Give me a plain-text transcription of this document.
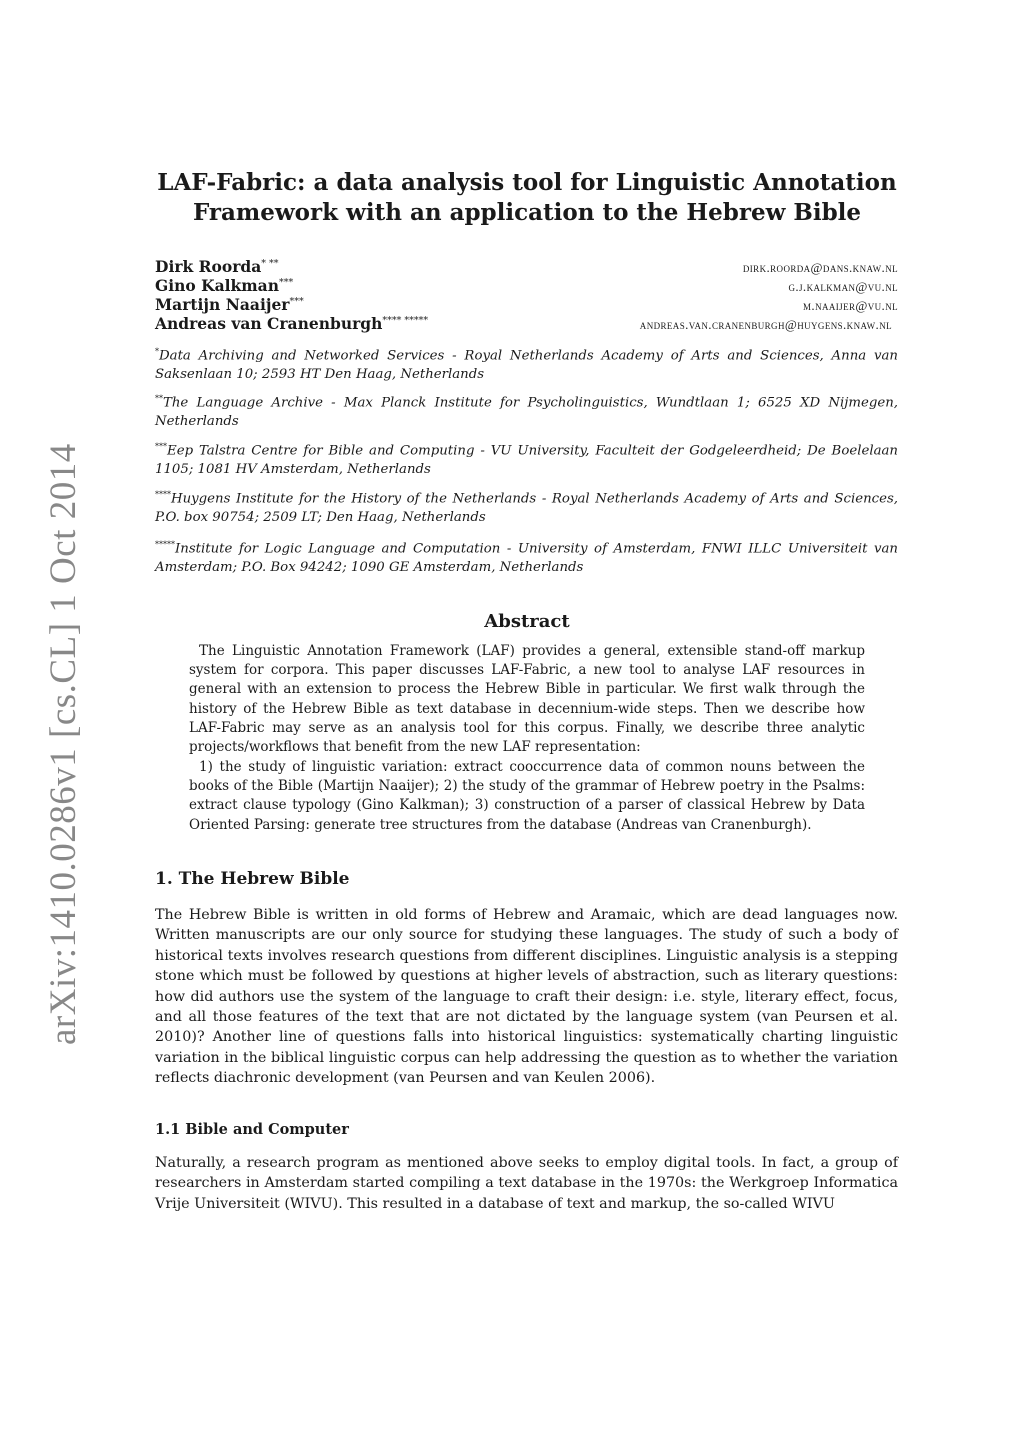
arXiv:1410.0286v1 [cs.CL] 1 Oct 2014
LAF-Fabric: a data analysis tool for Linguistic Annotation Framework with an application to the Hebrew Bible
Dirk Roorda* **	dirk.roorda@dans.knaw.nl
Gino Kalkman***	g.j.kalkman@vu.nl
Martijn Naaijer***	m.naaijer@vu.nl
Andreas van Cranenburgh**** *****	andreas.van.cranenburgh@huygens.knaw.nl
*Data Archiving and Networked Services - Royal Netherlands Academy of Arts and Sciences, Anna van Saksenlaan 10; 2593 HT Den Haag, Netherlands
**The Language Archive - Max Planck Institute for Psycholinguistics, Wundtlaan 1; 6525 XD Nijmegen, Netherlands
***Eep Talstra Centre for Bible and Computing - VU University, Faculteit der Godgeleerdheid; De Boelelaan 1105; 1081 HV Amsterdam, Netherlands
****Huygens Institute for the History of the Netherlands - Royal Netherlands Academy of Arts and Sciences, P.O. box 90754; 2509 LT; Den Haag, Netherlands
*****Institute for Logic Language and Computation - University of Amsterdam, FNWI ILLC Universiteit van Amsterdam; P.O. Box 94242; 1090 GE Amsterdam, Netherlands
Abstract

The Linguistic Annotation Framework (LAF) provides a general, extensible stand-off markup system for corpora. This paper discusses LAF-Fabric, a new tool to analyse LAF resources in general with an extension to process the Hebrew Bible in particular. We first walk through the history of the Hebrew Bible as text database in decennium-wide steps. Then we describe how LAF-Fabric may serve as an analysis tool for this corpus. Finally, we describe three analytic projects/workflows that benefit from the new LAF representation:

1) the study of linguistic variation: extract cooccurrence data of common nouns between the books of the Bible (Martijn Naaijer); 2) the study of the grammar of Hebrew poetry in the Psalms: extract clause typology (Gino Kalkman); 3) construction of a parser of classical Hebrew by Data Oriented Parsing: generate tree structures from the database (Andreas van Cranenburgh).

1. The Hebrew Bible

The Hebrew Bible is written in old forms of Hebrew and Aramaic, which are dead languages now. Written manuscripts are our only source for studying these languages. The study of such a body of historical texts involves research questions from different disciplines. Linguistic analysis is a stepping stone which must be followed by questions at higher levels of abstraction, such as literary questions: how did authors use the system of the language to craft their design: i.e. style, literary effect, focus, and all those features of the text that are not dictated by the language system (van Peursen et al. 2010)? Another line of questions falls into historical linguistics: systematically charting linguistic variation in the biblical linguistic corpus can help addressing the question as to whether the variation reflects diachronic development (van Peursen and van Keulen 2006).

1.1 Bible and Computer

Naturally, a research program as mentioned above seeks to employ digital tools. In fact, a group of researchers in Amsterdam started compiling a text database in the 1970s: the Werkgroep Informatica Vrije Universiteit (WIVU). This resulted in a database of text and markup, the so-called WIVU
